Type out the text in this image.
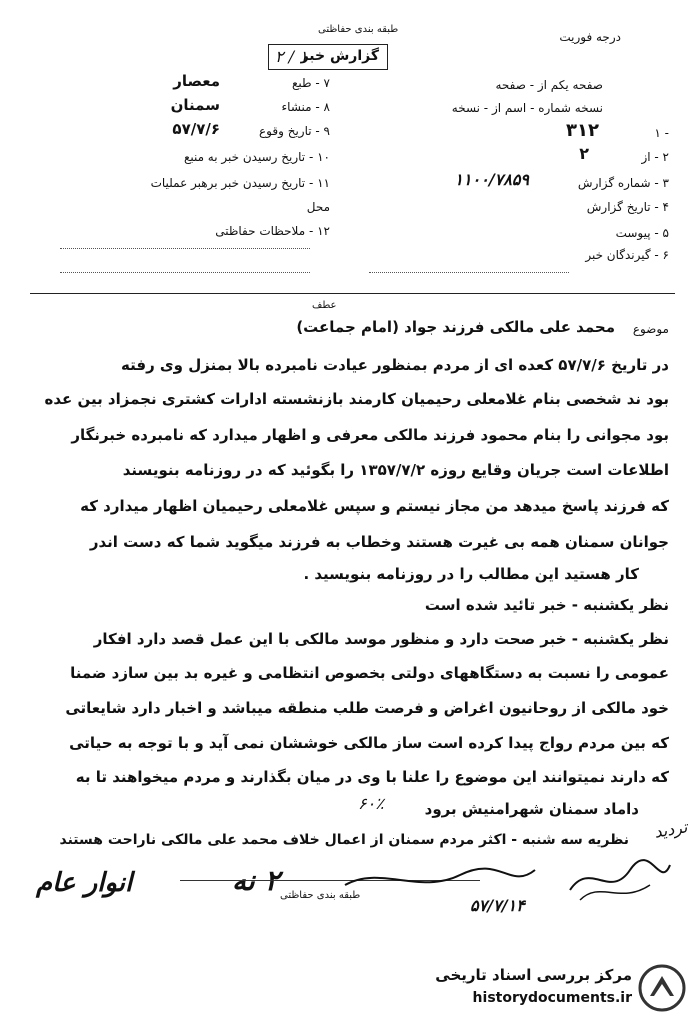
درجه فوریت
طبقه بندی حفاظتی
گزارش خبر
۲ / ۱
صفحه یکم از - صفحه
نسخه شماره - اسم از - نسخه
۷ - طبع
معصار
۸ - منشاء
سمنان
۹ - تاریخ وقوع
۵۷/۷/۶
۱۰ - تاریخ رسیدن خبر به منبع
۱۱ - تاریخ رسیدن خبر برهبر عملیات
محل
۱۲ - ملاحظات حفاظتی
۱ -
۳۱۲
۲ - از
۲
۳ - شماره گزارش
۱۱۰۰/۷۸۵۹
۴ - تاریخ گزارش
۵ - پیوست
۶ - گیرندگان خبر
عطف
موضوع
محمد علی مالکی فرزند جواد (امام جماعت)
در تاریخ ۵۷/۷/۶ کعده ای از مردم بمنظور عیادت نامبرده بالا بمنزل وی رفته
بود ند شخصی بنام غلامعلی رحیمیان کارمند بازنشسته ادارات کشتری نجمزاد بین عده
بود مجوانی را بنام محمود فرزند مالکی معرفی و اظهار میدارد که نامبرده خبرنگار
اطلاعات است جریان وقایع روزه ۱۳۵۷/۷/۲ را بگوئید که در روزنامه بنویسند
که فرزند پاسخ میدهد من مجاز نیستم و سپس غلامعلی رحیمیان اظهار میدارد که
جوانان سمنان همه بی غیرت هستند وخطاب به فرزند میگوید شما که دست اندر
کار هستید این مطالب را در روزنامه بنویسید .
نظر یکشنبه - خبر تائید شده است
نظر یکشنبه - خبر صحت دارد و منظور موسد مالکی با این عمل قصد دارد افکار
عمومی را نسبت به دستگاههای دولتی بخصوص انتظامی و غیره بد بین سازد ضمنا
خود مالکی از روحانیون اغراض و فرصت طلب منطقه میباشد و اخبار دارد شایعاتی
که بین مردم رواج پیدا کرده است ساز مالکی خوششان نمی آید و با توجه به حیاتی
که دارند نمیتوانند این موضوع را علنا با وی در میان بگذارند و مردم میخواهند تا به
داماد سمنان شهرامنیش برود
۶۰٪
نظریه سه شنبه - اکثر مردم سمنان از اعمال خلاف محمد علی مالکی ناراحت هستند تردید
انوار عام	۲ نه طبقه بندی حفاظتی
۵۷/۷/۱۴
مرکز بررسی اسناد تاریخی
historydocuments.ir
